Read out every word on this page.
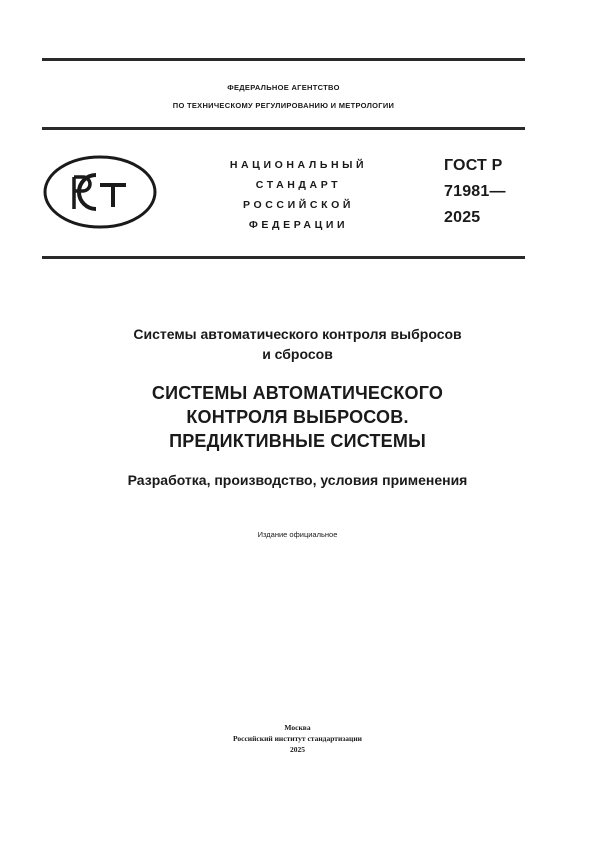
ФЕДЕРАЛЬНОЕ АГЕНТСТВО
ПО ТЕХНИЧЕСКОМУ РЕГУЛИРОВАНИЮ И МЕТРОЛОГИИ
НАЦИОНАЛЬНЫЙ
СТАНДАРТ
РОССИЙСКОЙ
ФЕДЕРАЦИИ
ГОСТ Р
71981—
2025
Системы автоматического контроля выбросов
и сбросов
СИСТЕМЫ АВТОМАТИЧЕСКОГО
КОНТРОЛЯ ВЫБРОСОВ.
ПРЕДИКТИВНЫЕ СИСТЕМЫ
Разработка, производство, условия применения
Издание официальное
Москва
Российский институт стандартизации
2025
